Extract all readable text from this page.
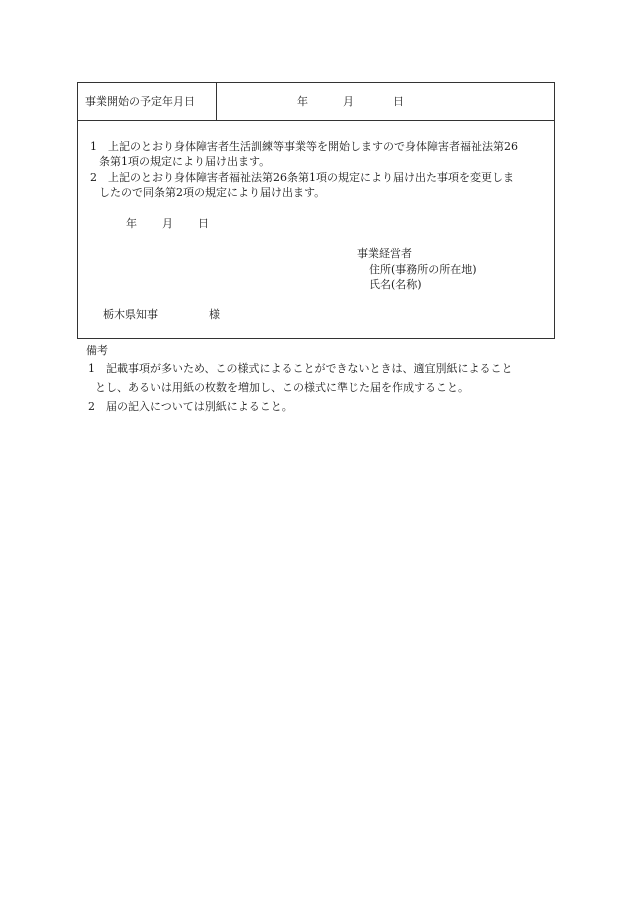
事業開始の予定年月日	年	月	日
1　上記のとおり身体障害者生活訓練等事業等を開始しますので身体障害者福祉法第26
条第1項の規定により届け出ます。
2　上記のとおり身体障害者福祉法第26条第1項の規定により届け出た事項を変更しま
したので同条第2項の規定により届け出ます。
年 月 日
事業経営者
住所(事務所の所在地)
氏名(名称)
栃木県知事	様
備考
1　記載事項が多いため、この様式によることができないときは、適宜別紙によること
とし、あるいは用紙の枚数を増加し、この様式に準じた届を作成すること。
2　届の記入については別紙によること。
